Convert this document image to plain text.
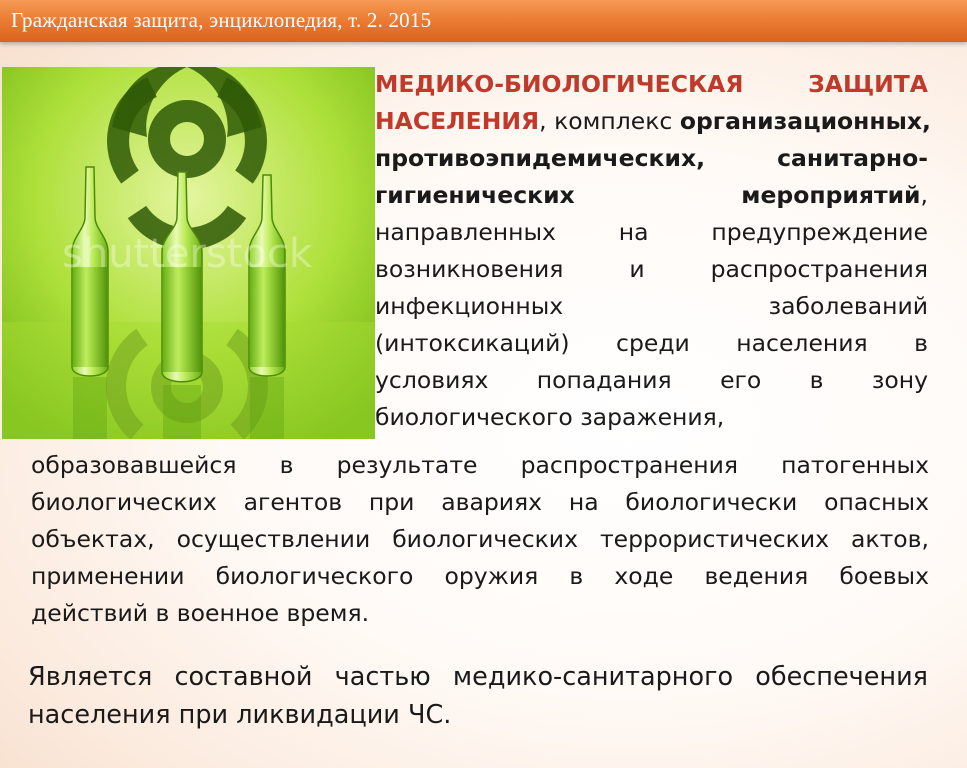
Гражданская защита, энциклопедия, т. 2. 2015
shutterstock
МЕДИКО-БИОЛОГИЧЕСКАЯ ЗАЩИТА
НАСЕЛЕНИЯ, комплекс организационных,
противоэпидемических, санитарно-
гигиенических мероприятий,
направленных на предупреждение
возникновения и распространения
инфекционных заболеваний
(интоксикаций) среди населения в
условиях попадания его в зону
биологического заражения,
образовавшейся в результате распространения патогенных
биологических агентов при авариях на биологически опасных
объектах, осуществлении биологических террористических актов,
применении биологического оружия в ходе ведения боевых
действий в военное время.
Является составной частью медико-санитарного обеспечения
населения при ликвидации ЧС.
